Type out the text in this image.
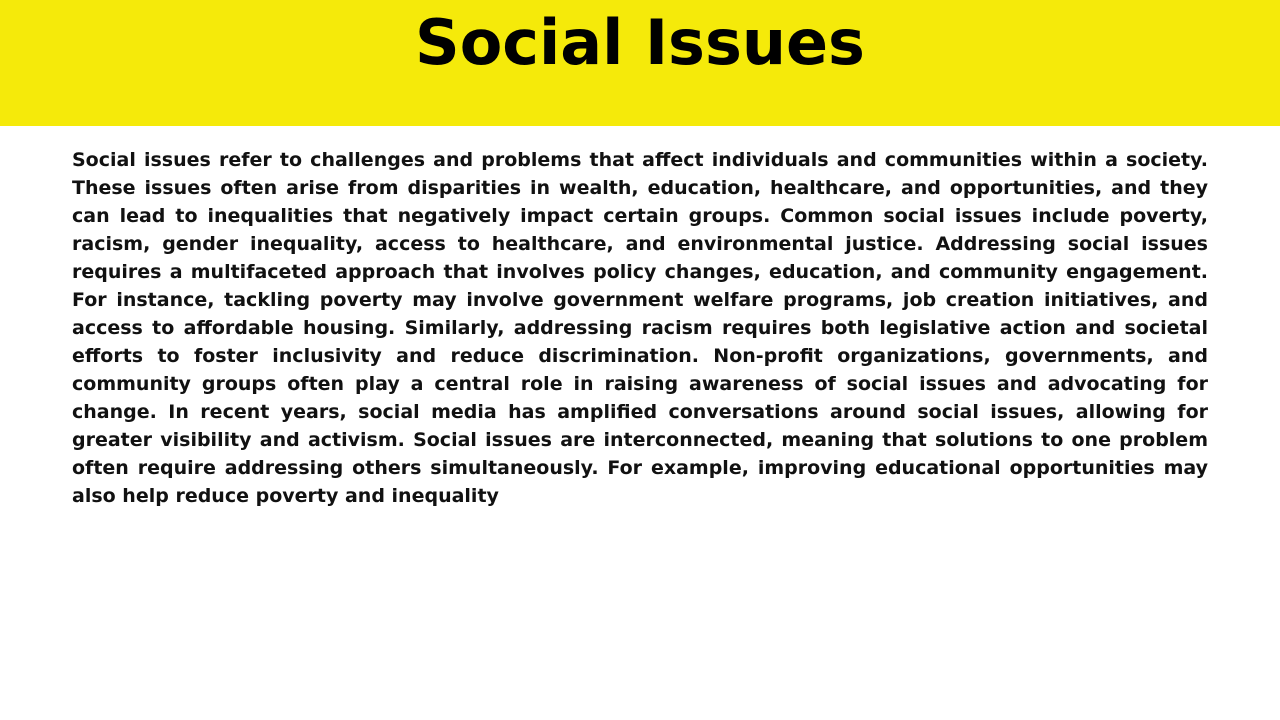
Social Issues

Social issues refer to challenges and problems that affect individuals and communities within a society. These issues often arise from disparities in wealth, education, healthcare, and opportunities, and they can lead to inequalities that negatively impact certain groups. Common social issues include poverty, racism, gender inequality, access to healthcare, and environmental justice. Addressing social issues requires a multifaceted approach that involves policy changes, education, and community engagement. For instance, tackling poverty may involve government welfare programs, job creation initiatives, and access to affordable housing. Similarly, addressing racism requires both legislative action and societal efforts to foster inclusivity and reduce discrimination. Non-profit organizations, governments, and community groups often play a central role in raising awareness of social issues and advocating for change. In recent years, social media has amplified conversations around social issues, allowing for greater visibility and activism. Social issues are interconnected, meaning that solutions to one problem often require addressing others simultaneously. For example, improving educational opportunities may also help reduce poverty and inequality
